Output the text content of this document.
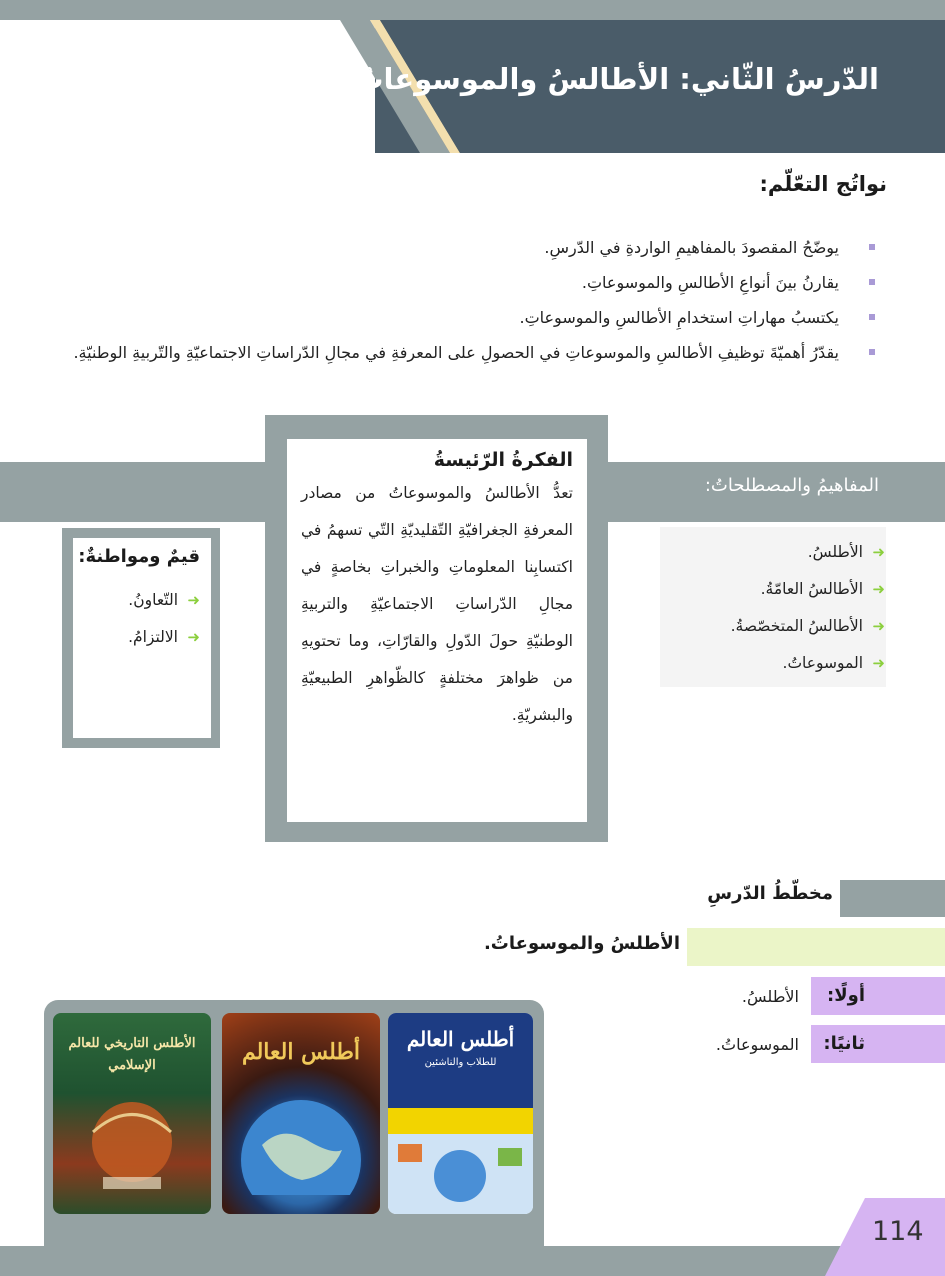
الدّرسُ الثّاني: الأطالسُ والموسوعاتُ
نواتُج التعّلّم:
يوضّحُ المقصودَ بالمفاهيمِ الواردةِ في الدّرسِ.
يقارنُ بينَ أنواعِ الأطالسِ والموسوعاتِ.
يكتسبُ مهاراتِ استخدامِ الأطالسِ والموسوعاتِ.
يقدّرُ أهميّةَ توظيفِ الأطالسِ والموسوعاتِ في الحصولِ على المعرفةِ في مجالِ الدّراساتِ الاجتماعيّةِ والتّربيةِ الوطنيّةِ.
المفاهيمُ والمصطلحاتُ:
الفكرةُ الرّئيسةُ
تعدُّ الأطالسُ والموسوعاتُ من مصادر المعرفةِ الجغرافيّةِ التّقليديّةِ التّي تسهمُ في اكتسابِنا المعلوماتِ والخبراتِ بخاصةٍ في مجالِ الدّراساتِ الاجتماعيّةِ والتربيةِ الوطنيّةِ حولَ الدّولِ والقارّاتِ، وما تحتويهِ من ظواهرَ مختلفةٍ كالظّواهرِ الطبيعيّةِ والبشريّةِ.
➜
الأطلسُ.
➜
الأطالسُ العامّةُ.
➜
الأطالسُ المتخصّصةُ.
➜
الموسوعاتُ.
قيمٌ ومواطنةٌ:
➜
التّعاونُ.
➜
الالتزامُ.
مخطّطُ الدّرسِ
الأطلسُ والموسوعاتُ.
أولًا:
الأطلسُ.
ثانيًا:
الموسوعاتُ.
الأطلس التاريخي للعالم الإسلامي
أطلس العالم	أطلس العالم
للطلاب والناشئين
114
